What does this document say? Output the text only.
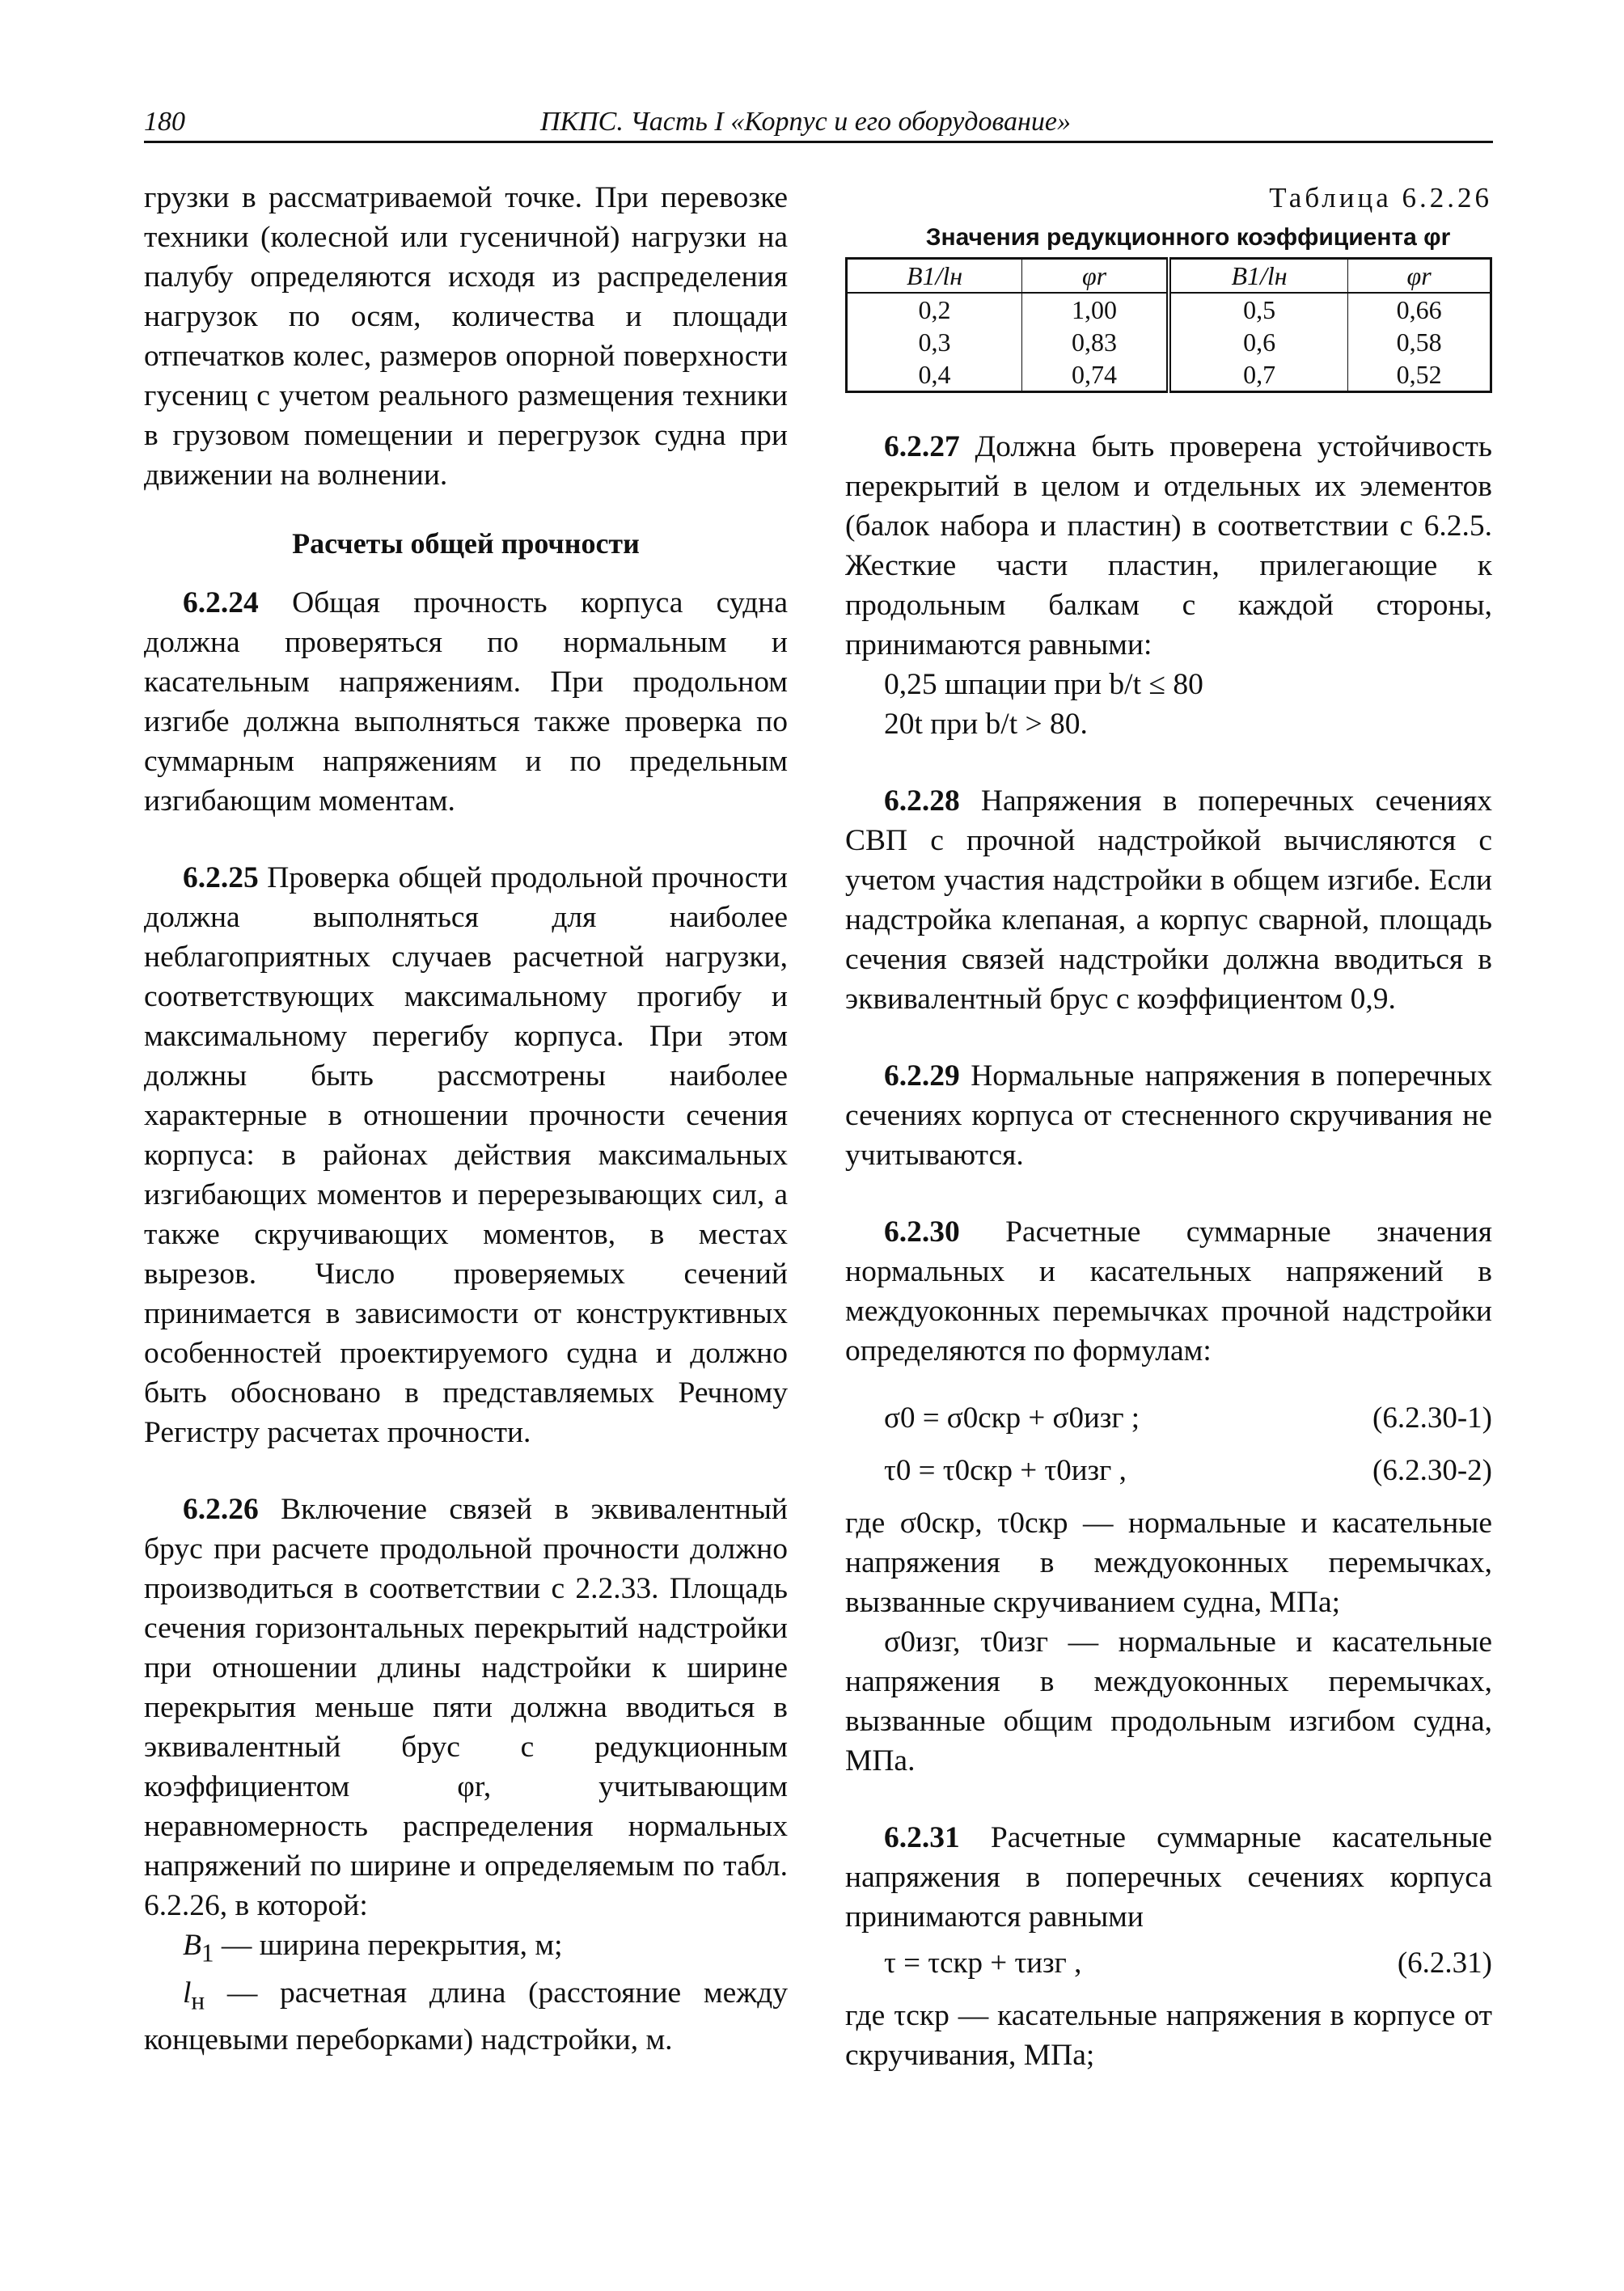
180	ПКПС. Часть I «Корпус и его оборудование»

грузки в рассматриваемой точке. При перевозке техники (колесной или гусеничной) нагрузки на палубу определяются исходя из распределения нагрузок по осям, количества и площади отпечатков колес, размеров опорной поверхности гусениц с учетом реального размещения техники в грузовом помещении и перегрузок судна при движении на волнении.

Расчеты общей прочности

6.2.24 Общая прочность корпуса судна должна проверяться по нормальным и касательным напряжениям. При продольном изгибе должна выполняться также проверка по суммарным напряжениям и по предельным изгибающим моментам.

6.2.25 Проверка общей продольной прочности должна выполняться для наиболее неблагоприятных случаев расчетной нагрузки, соответствующих максимальному прогибу и максимальному перегибу корпуса. При этом должны быть рассмотрены наиболее характерные в отношении прочности сечения корпуса: в районах действия максимальных изгибающих моментов и перерезывающих сил, а также скручивающих моментов, в местах вырезов. Число проверяемых сечений принимается в зависимости от конструктивных особенностей проектируемого судна и должно быть обосновано в представляемых Речному Регистру расчетах прочности.

6.2.26 Включение связей в эквивалентный брус при расчете продольной прочности должно производиться в соответствии с 2.2.33. Площадь сечения горизонтальных перекрытий надстройки при отношении длины надстройки к ширине перекрытия меньше пяти должна вводиться в эквивалентный брус с редукционным коэффициентом φr, учитывающим неравномерность распределения нормальных напряжений по ширине и определяемым по табл. 6.2.26, в которой:

$B_1$ — ширина перекрытия, м;

$l_н$ — расчетная длина (расстояние между концевыми переборками) надстройки, м.

Таблица 6.2.26

Значения редукционного коэффициента φr

B1/lн	φr	B1/lн	φr
0,2	1,00	0,5	0,66
0,3	0,83	0,6	0,58
0,4	0,74	0,7	0,52

6.2.27 Должна быть проверена устойчивость перекрытий в целом и отдельных их элементов (балок набора и пластин) в соответствии с 6.2.5. Жесткие части пластин, прилегающие к продольным балкам с каждой стороны, принимаются равными:

0,25 шпации при b/t ≤ 80

20t при b/t > 80.

6.2.28 Напряжения в поперечных сечениях СВП с прочной надстройкой вычисляются с учетом участия надстройки в общем изгибе. Если надстройка клепаная, а корпус сварной, площадь сечения связей надстройки должна вводиться в эквивалентный брус с коэффициентом 0,9.

6.2.29 Нормальные напряжения в поперечных сечениях корпуса от стесненного скручивания не учитываются.

6.2.30 Расчетные суммарные значения нормальных и касательных напряжений в междуоконных перемычках прочной надстройки определяются по формулам:

σ0 = σ0скр + σ0изг ;	(6.2.30-1)
τ0 = τ0скр + τ0изг ,	(6.2.30-2)

где σ0скр, τ0скр — нормальные и касательные напряжения в междуоконных перемычках, вызванные скручиванием судна, МПа;

σ0изг, τ0изг — нормальные и касательные напряжения в междуоконных перемычках, вызванные общим продольным изгибом судна, МПа.

6.2.31 Расчетные суммарные касательные напряжения в поперечных сечениях корпуса принимаются равными

τ = τскр + τизг ,	(6.2.31)

где τскр — касательные напряжения в корпусе от скручивания, МПа;
